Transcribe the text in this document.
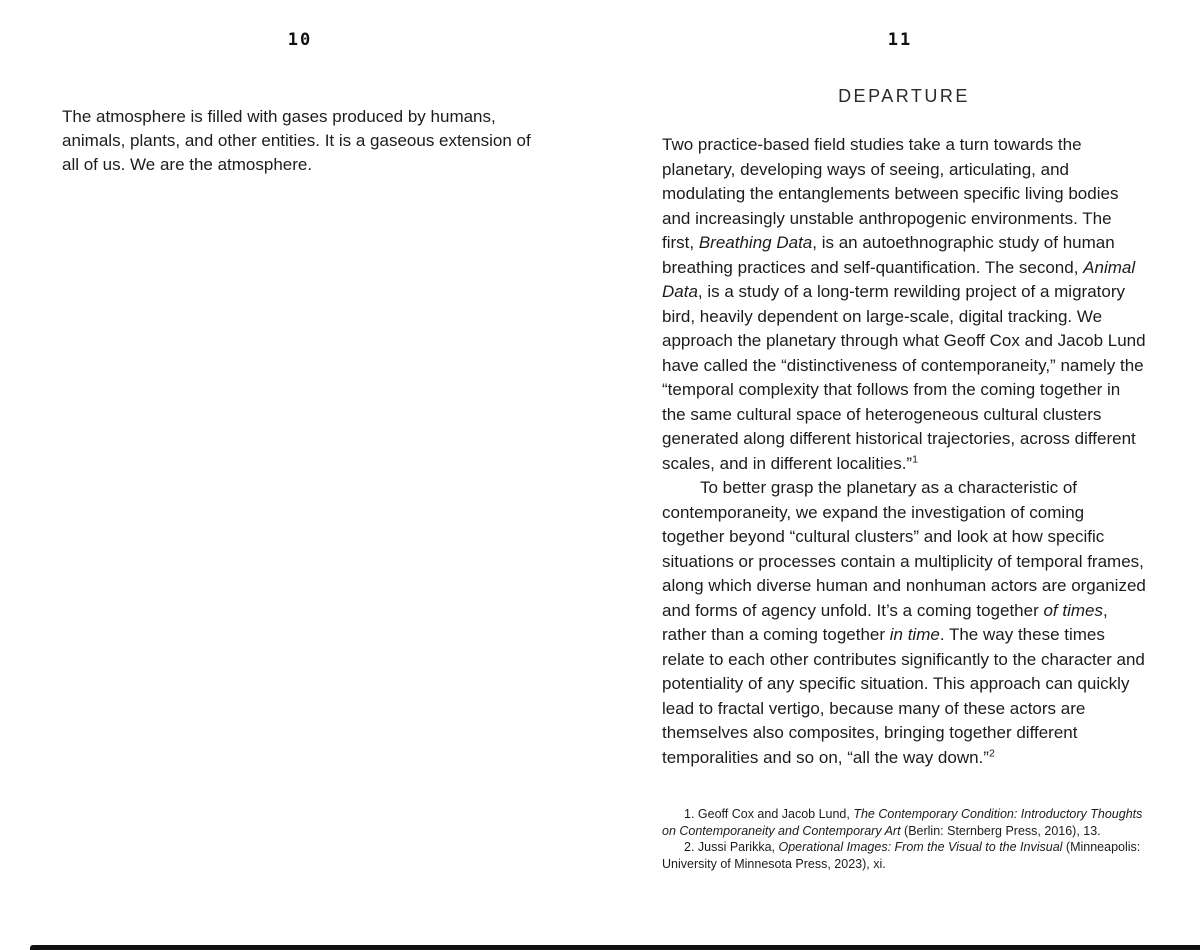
10

The atmosphere is filled with gases produced by humans, animals, plants, and other entities. It is a gaseous extension of all of us. We are the atmosphere.

11
DEPARTURE

Two practice-based field studies take a turn towards the planetary, developing ways of seeing, articulating, and modulating the entanglements between specific living bodies and increasingly unstable anthropogenic environments. The first, Breathing Data, is an autoethnographic study of human breathing practices and self-quantification. The second, Animal Data, is a study of a long-term rewilding project of a migratory bird, heavily dependent on large-scale, digital tracking. We approach the planetary through what Geoff Cox and Jacob Lund have called the “distinctiveness of contemporaneity,” namely the “temporal complexity that follows from the coming together in the same cultural space of heterogeneous cultural clusters generated along different historical trajectories, across different scales, and in different localities.”$^1$

To better grasp the planetary as a characteristic of contemporaneity, we expand the investigation of coming together beyond “cultural clusters” and look at how specific situations or processes contain a multiplicity of temporal frames, along which diverse human and nonhuman actors are organized and forms of agency unfold. It’s a coming together of times, rather than a coming together in time. The way these times relate to each other contributes significantly to the character and potentiality of any specific situation. This approach can quickly lead to fractal vertigo, because many of these actors are themselves also composites, bringing together different temporalities and so on, “all the way down.”$^2$

1. Geoff Cox and Jacob Lund, The Contemporary Condition: Introductory Thoughts on Contemporaneity and Contemporary Art (Berlin: Sternberg Press, 2016), 13.

2. Jussi Parikka, Operational Images: From the Visual to the Invisual (Minneapolis: University of Minnesota Press, 2023), xi.
